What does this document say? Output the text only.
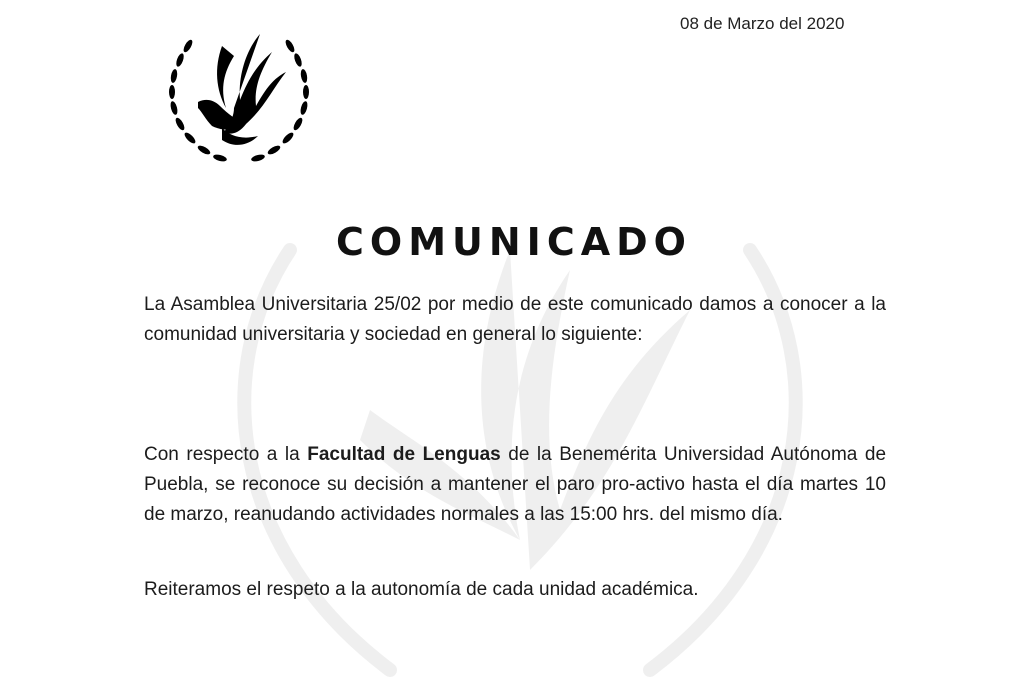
08 de Marzo del 2020
COMUNICADO
La Asamblea Universitaria 25/02 por medio de este comunicado damos a conocer a la comunidad universitaria y sociedad en general lo siguiente:
Con respecto a la Facultad de Lenguas de la Benemérita Universidad Autónoma de Puebla, se reconoce su decisión a mantener el paro pro-activo hasta el día martes 10 de marzo, reanudando actividades normales a las 15:00 hrs. del mismo día.
Reiteramos el respeto a la autonomía de cada unidad académica.
